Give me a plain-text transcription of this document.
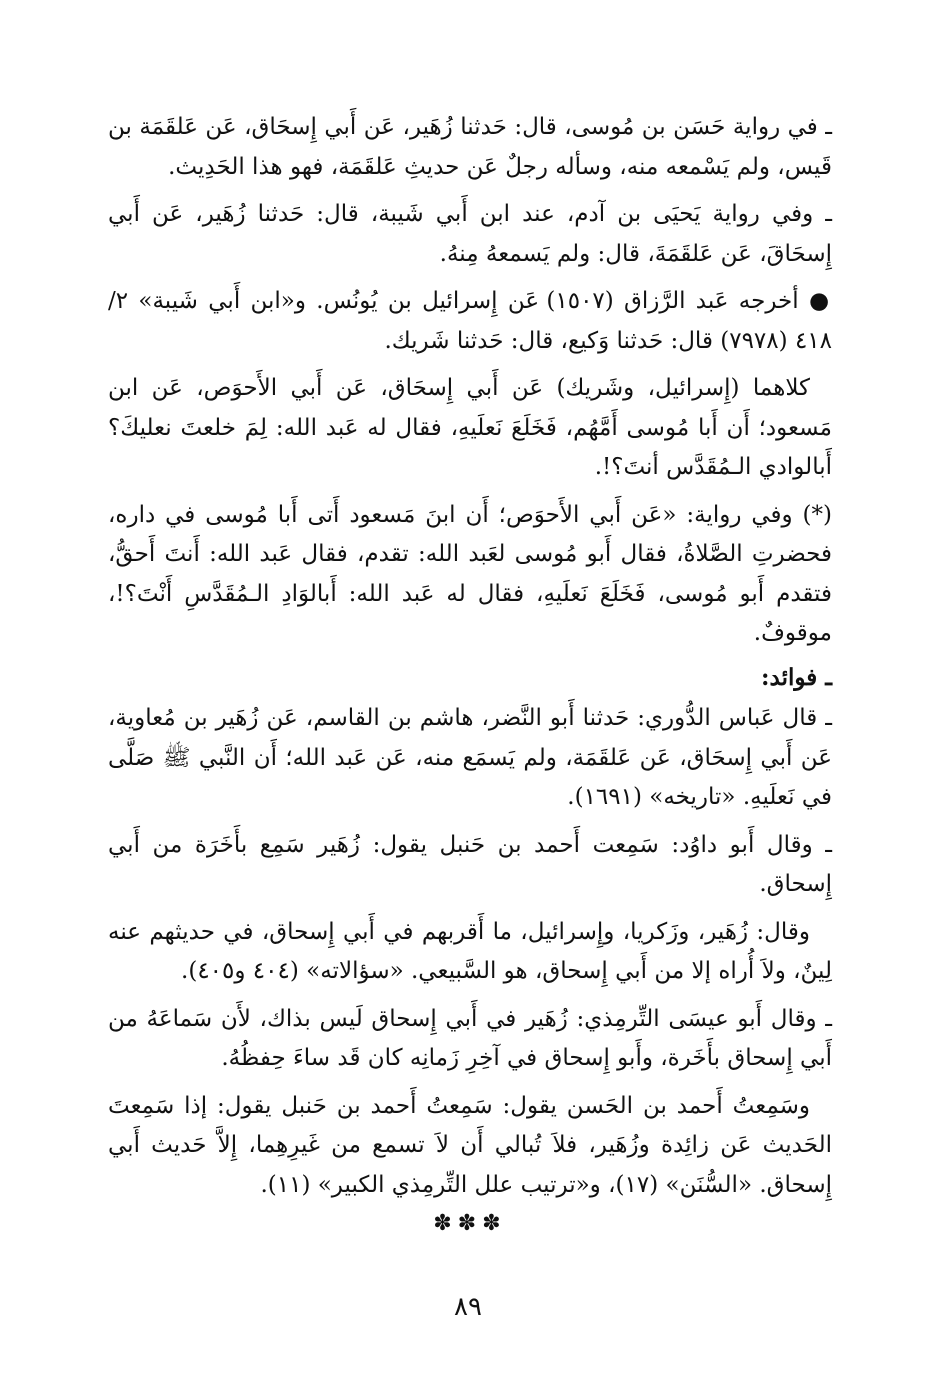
ـ في رواية حَسَن بن مُوسى، قال: حَدثنا زُهَير، عَن أَبي إِسحَاق، عَن عَلقَمَة بن قَيس، ولم يَسْمعه منه، وسأله رجلٌ عَن حديثِ عَلقَمَة، فهو هذا الحَدِيث.

ـ وفي رواية يَحيَى بن آدم، عند ابن أَبي شَيبة، قال: حَدثنا زُهَير، عَن أَبي إِسحَاقَ، عَن عَلقَمَةَ، قال: ولم يَسمعهُ مِنهُ.

● أخرجه عَبد الرَّزاق (١٥٠٧) عَن إِسرائيل بن يُونُس. و«ابن أَبي شَيبة» ٢/ ٤١٨ (٧٩٧٨) قال: حَدثنا وَكيع، قال: حَدثنا شَريك.

كلاهما (إِسرائيل، وشَريك) عَن أَبي إِسحَاق، عَن أَبي الأَحوَص، عَن ابن مَسعود؛ أَن أَبا مُوسى أَمَّهُم، فَخَلَعَ نَعلَيهِ، فقال له عَبد الله: لِمَ خلعتَ نعليكَ؟ أَبالوادي الـمُقَدَّس أنتَ؟!.

(*) وفي رواية: «عَن أَبي الأَحوَص؛ أَن ابنَ مَسعود أَتى أَبا مُوسى في داره، فحضرتِ الصَّلاةُ، فقال أَبو مُوسى لعَبد الله: تقدم، فقال عَبد الله: أَنتَ أَحقُّ، فتقدم أَبو مُوسى، فَخَلَعَ نَعلَيهِ، فقال له عَبد الله: أَبالوَادِ الـمُقَدَّسِ أَنْتَ؟!، موقوفٌ.

ـ فوائد:

ـ قال عَباس الدُّوري: حَدثنا أَبو النَّضر، هاشم بن القاسم، عَن زُهَير بن مُعاوية، عَن أَبي إِسحَاق، عَن عَلقَمَة، ولم يَسمَع منه، عَن عَبد الله؛ أَن النَّبي ﷺ صَلَّى في نَعلَيهِ. «تاريخه» (١٦٩١).

ـ وقال أَبو داوُد: سَمِعت أَحمد بن حَنبل يقول: زُهَير سَمِع بأَخَرَة من أَبي إِسحاق.

وقال: زُهَير، وزَكريا، وإِسرائيل، ما أَقربهم في أَبي إِسحاق، في حديثهم عنه لِينٌ، ولاَ أُراه إلا من أَبي إِسحاق، هو السَّبيعي. «سؤالاته» (٤٠٤ و٤٠٥).

ـ وقال أَبو عيسَى التِّرمِذي: زُهَير في أَبي إِسحاق لَيس بذاك، لأَن سَماعَهُ من أَبي إِسحاق بأَخَرة، وأَبو إِسحاق في آخِرِ زَمانِه كان قَد ساءَ حِفظُهُ.

وسَمِعتُ أَحمد بن الحَسن يقول: سَمِعتُ أَحمد بن حَنبل يقول: إذا سَمِعتَ الحَديث عَن زائِدة وزُهَير، فلاَ تُبالي أَن لاَ تسمع من غَيرِهِما، إِلاَّ حَديث أَبي إِسحاق. «السُّنَن» (١٧)، و«ترتيب علل التِّرمِذي الكبير» (١١).

✽✽✽
٨٩
